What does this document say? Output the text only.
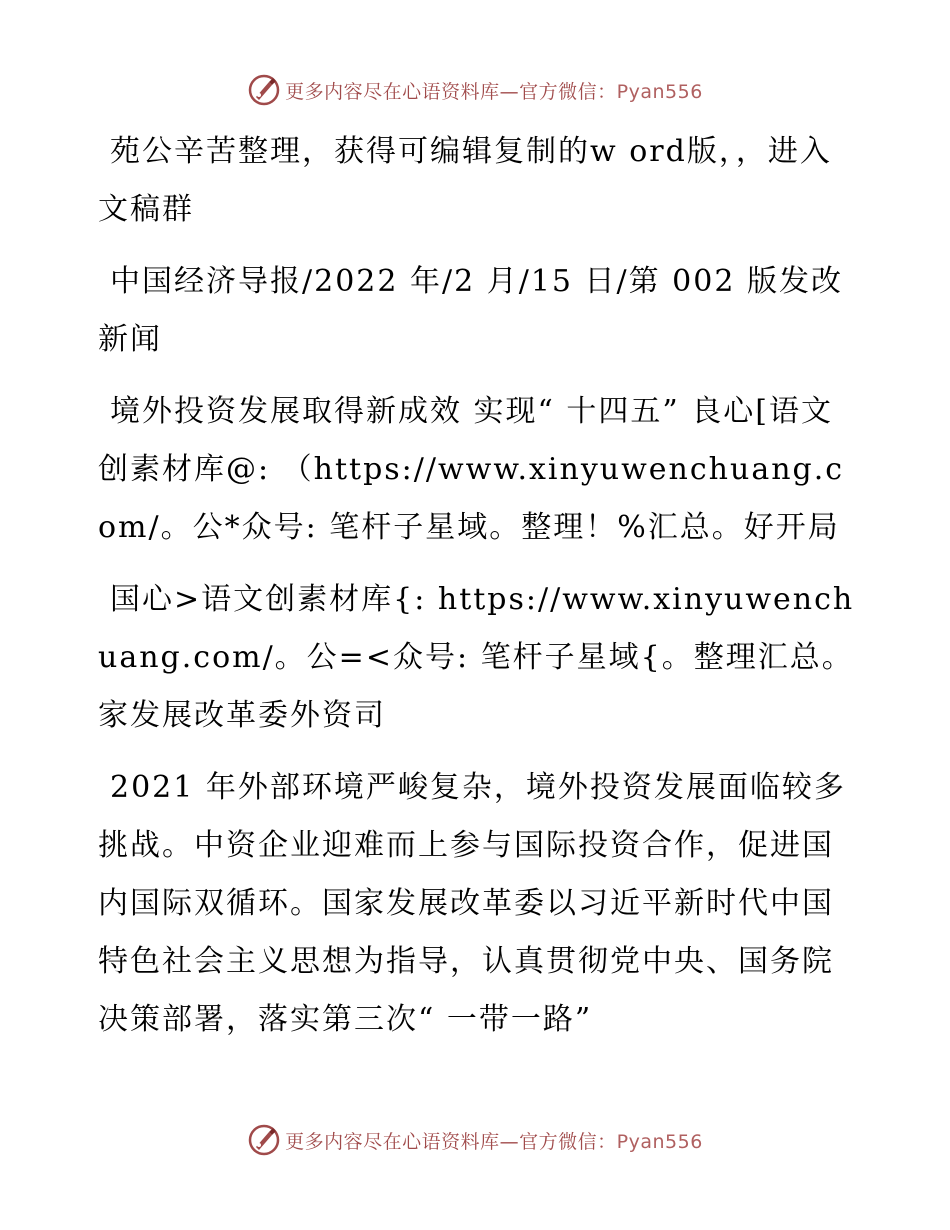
更多内容尽在心语资料库—官方微信：Pyan556

苑公辛苦整理，获得可编辑复制的w ord版，，进入文稿群

中国经济导报/2022 年/2 月/15 日/第 002 版发改新闻

境外投资发展取得新成效 实现“ 十四五” 良心[语文创素材库@: （https://www.xinyuwenchuang.com/。公*众号: 笔杆子星域。整理！%汇总。好开局

国心>语文创素材库{: https://www.xinyuwenchuang.com/。公=<众号: 笔杆子星域{。整理汇总。家发展改革委外资司

2021 年外部环境严峻复杂，境外投资发展面临较多挑战。中资企业迎难而上参与国际投资合作，促进国内国际双循环。国家发展改革委以习近平新时代中国特色社会主义思想为指导，认真贯彻党中央、国务院决策部署，落实第三次“ 一带一路”

更多内容尽在心语资料库—官方微信：Pyan556
